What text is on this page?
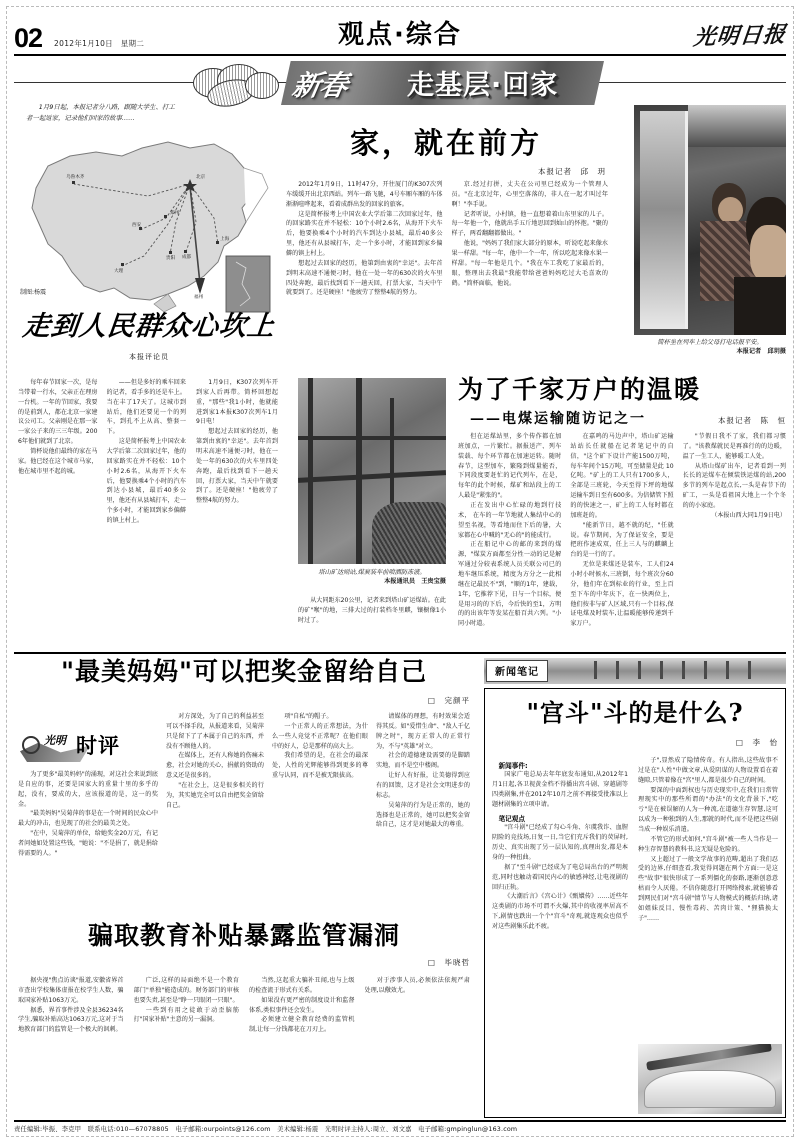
02 2012年1月10日　星期二	观点·综合	光明日报
新春 走基层·回家
1月9日起，本报记者分八路，跟随大学生、打工者一起返家，记录他们回家的故事……
北京
乌鲁木齐
西安
郑州
贵阳
上海
大理
成都
福州
制图:杨震
走到人民群众心坎上
本报评论员
家，就在前方
本报记者　邱　玥
2012年1月9日，11时47分，开往厦门的K307次列车缓缓开出北京西站。列车一路飞驰，4号车厢车厢的车体渐渐喧哗起来，看着成群出发的回家的旅客。
这是简杯报考上中国农业大学后第二次回家过年，他的回家路实在并不轻松：10个小时2.6名，从海开下火车后，他要换乘4个小时的汽车到达小县城，最后40多公里，他还有从县城打车，走一个多小时，才能回到家乡偏僻的镇上村上。
想起过去回家的经历，他第到由衷的"幸运"。去年首到明末高速不通便刁时，他在一处一年的630次的火车里四处奔跑，最后找到看下一趟天回，打票大家，当天中午就要到了。还是硬座！"他疲劳了整整4航的努力。
京.经过打拼，丈夫在公司里已经成为一个管理人员。"在北京过年，心里空落落的，非人在一起才叫过年啊！"李手说。
记者听说，小村镇，他一直想着着山东里家的儿子。每一年他一个，他就出手五斤地思回到灿山的怀抱。"聚的样子，两看翻翻都做出。"
他说，"妈妈了我们家大部分的原本，听说吃起来像水果一样甜。"每一年，他中一个一年，所以吃起来像水果一样甜。"每一年他是几个。"我在车工我吃了家最后的，眼，整理出去我最"我能带给爸爸妈妈吃过大毛喜欢的鹤。"简杯面临，他说。
简杯坐在列车上给父母打电话报平安。
本报记者　邱玥摄
每年春节回家一次，是每当带着一行水，父亲正在理房一台机。一年的节回家，我要的是前到人，都在北京一家建议公司工。父亲刚是在那一家一家公子来的三三年级。2006年他们就到了北京。
简杯说他们最终的家在马家。他已经在这个城市马家，他在城市里不起的城。
——但是多好的乘车回来的记者，看手多的还是车上。当在丰了17天了。这城市到站后，他们还要见一个的列车，到孔不上从高、整套一下。
这是简杯报考上中国农业大学后第二次回家过年，他的回家路实在并不轻松：10个小时2.6名，从海开下火车后，他要换乘4个小时的汽车到达小县城，最后40多公里，他还有从县城打车，走一个多小时，才能回到家乡偏僻的镇上村上。
1月9日，K307次列车开到家人后再带。简杯回想起重，"那些"我1小时，他就能进到家1本报K307次列车1月9日电！
想起过去回家的经历，他第到由衷的"幸运"。去年首到明末高速不通便刁时，他在一处一年的630次的火车里四处奔跑，最后找到看下一趟天回，打票大家，当天中午就要到了。还是硬座！"他疲劳了整整4航的努力。
塔山矿达则站,煤炭装车前喷洒防冻液。
本报通讯员　王贵宝摄
从大同距东20公里，记者来到塔山矿运煤站。在此的矿"喉"的地，三排大过的打装档冬里麒，镶橱像1小时过了。
为了千家万户的温暖
——电煤运输随访记之一	本报记者　陈　恒
但在运煤站里，多个传作都在加班加点，一片繁忙。据报送产、列车装载、每个环节都在加速运转。随时春节，这型加车，繁隆到煤量能否，下同段度要赶忙的记代列车，在是，每年的此个时候，煤矿和站段上的工人最是"紧张的"。
正在发出中心忙碌的地到行技术， 在车的一年节地就人集结中心的望至名视，等看地而住下后的暑，大家都在心中喊的"无心的"的能成行。
正在船记中心的邮的来到的煤源，"煤炭方面都至分性一动的记是解军通过分较表系统人员关联公司已的地车继压系统，精度为方分之一此相继在记最民不"到，"顺的1年，建载，1年，它推荐下见，日与一个目标，便是用习的的下后，今后快的至1，方明的的出该年等发某在船百共六列。"小同小时道。
在嘉鸣的马边声中，塔山矿运输站站长任就船在记者笔记中的自信，"这个矿下设计产能1500万吨，每车年间个15万吨，可至储量是此 10亿吨。"矿上的工人只有1700多人，全部是三班轮，今天至得下坪的地煤运输车到日至有600多。为信储管下照的的快速之一，矿上的工人每时都在加班赶的。
"能新节日，越不就的纪，"任就说。春节期间，为了保证安全，要是把班作速成双，任上三人与的麒麟上台的是一行的了。
无位是来煤还是装车，工人们24小时小时候水,三班倒，每个班次分60分，他们年在到标业的行业，至上百至下车的中年庆下，在一快两位上，他们按非与矿人区域,只有一个目标,保证电煤及时装车,让温暖能够传递到千家万户。
"节假日我不了家，我们都习惯了。"该教煤就民是再准行的的边暖，温了一生工人，能够暖工人处。
从塔山煤矿出车，记者看到一列长长的运煤车在倾装铁运煤的站,200多节的列车是起点长,一头是春节下的矿工，一头是看祖国大地上一个个冬的的小家庭。
（本报山西大同1月9日电）
"最美妈妈"可以把奖金留给自己
□　完颜平
光明 时评
为了更多"最美妈妈"的涌现，对这社会来说到底是自应的事，还要是国家大的重量十里的多乎的起，没有，要成的大，应该报道的是，这一的奖金。
"最美妈妈"吴菊萍的事是在一个时间的民众心中最大的冲击，也见现了的社会的最美之处。
"在中，吴菊萍的单位，给她奖金20万元，有记者问她如处置这些钱，"她说："不是捐了，就是捐给得需要的人。"
对方深处，为了自己的利益甚至可以不择手段，从报道来看，吴菊萍只是留下了了本属于自己的东西，并没有不顾他人的。
在媒体上，还有人称她的伤痛未愈，社会对她的关心，捐献的资助的意义还是很多的。
"在社会上，这是很多相关的行为，其实她完全可以自由把奖金留给自己。
项"自私"的帽子。
一个正常人的正常想法，为什么一些人竟觉不正常呢？在他们眼中的好人，总是那样的高大上。
我们希望的是，在社会的最深处，人性的光辉能够得到更多的尊重与认同，而不是被无限拔高。
请媒体的理想，有时效果会适得其反。如"爱惜生命"、"敌人千亿牌之时"，现方正常人的正常行为，不与"英雄"对立。
社会的道德建设需要的是脚踏实地，而不是空中楼阁。
让好人有好报，让美德得到应有的回馈，这才是社会文明进步的标志。
吴菊萍的行为是正常的，她的选择也是正常的，她可以把奖金留给自己，这才是对她最大的尊重。
骗取教育补贴暴露监管漏洞
□　毕晓哲
据央视"焦点访谈"报道,安徽省界首市查出学校集体虚报在校学生人数，骗取国家补贴1063万元。
据悉，界首事件涉及全县36234名学生,骗取补贴高达1063万元,这对于当地教育部门的监管是一个极大的讽刺。
广泛,这样的局面绝不是一个教育部门"单独"能造成的。财务部门的审核也要失责,甚至是"睁一只眼闭一只眼"。
一些到有用之徒敢于动歪脑筋打"国家补贴"主意的另一漏洞。
当然,这起重大骗补丑闻,也与上级的检查流于形式有关系。
如果没有更严密的制度设计和监督体系,类似事件还会发生。
必须建立健全教育经费的监管机制,让每一分钱都花在刀刃上。
对于涉事人员,必须依法依规严肃处理,以儆效尤。
新闻笔记
"宫斗"斗的是什么?
□　李　怡
新闻事件:
国家广电总局去年年底发布通知,从2012年1月1日起,各卫视黄金档不得播出宫斗剧、穿越剧等四类剧集,并在2012年10月之前不再接受批准以上题材剧集的立项申请。
笔记观点
"宫斗剧"已经成了勾心斗角、尔虞我诈、血腥阴险的竞技场,日复一日,当它们充斥我们的荧屏时,历史、真实出现了另一层认知的,真理出发,都是本身的一种扭曲。
据了"至斗剧"已经成为了电总局出台的严明规范,同时也触动着国民内心的敏感神经,让电视剧的回归正轨。
《大潮后言》《宫心计》《甄嬛传》……近些年这类剧的市场不可谓不火爆,其中的收视率居高不下,剧情也跌出一个个"宫斗"奇观,就连观众也似乎对这些剧集乐此不疲。
子",显然成了隐情传奇。有人指出,这些故事不过是在"人性"中做文章,从爱阴谋的人物设置看在着缝隙,只管着像在"宫"里人,都是很少自己的时间。
要深的中面到权也与历史现实中,在我们日常管理现实中的那些所谓的"办法"的文化背景下,"吃亏"是在被误解的人为一种流,在道德生存智慧,这可以成为一种独到的人生,那就的时代,而不是把这些剧当成一种娱乐消遣。
不管它的形式如何,"宫斗剧"被一些人当作是一种生存智慧的教科书,这无疑是危险的。
又上超过了一般文学故事的范畴,超出了我们忍受的边界,仔细查看,我觉得问题在两个方面:一是这些"故事"很快形成了一系列僵化的套路,逐渐创意意枯而令人厌倦。不信你随意打开网络搜索,就能够看到网民们对"宫斗剧"情节与人物模式的概括归纳,诸如姐妹反目、慢性毒药、苦肉计策、"狸猫换太子"……
责任编辑:毕振、李克甲　联系电话:010—67078805　电子邮箱:ourpoints@126.com　美术编辑:杨震　光明时评主持人:周立、刘文嘉　电子邮箱:gmpinglun@163.com
